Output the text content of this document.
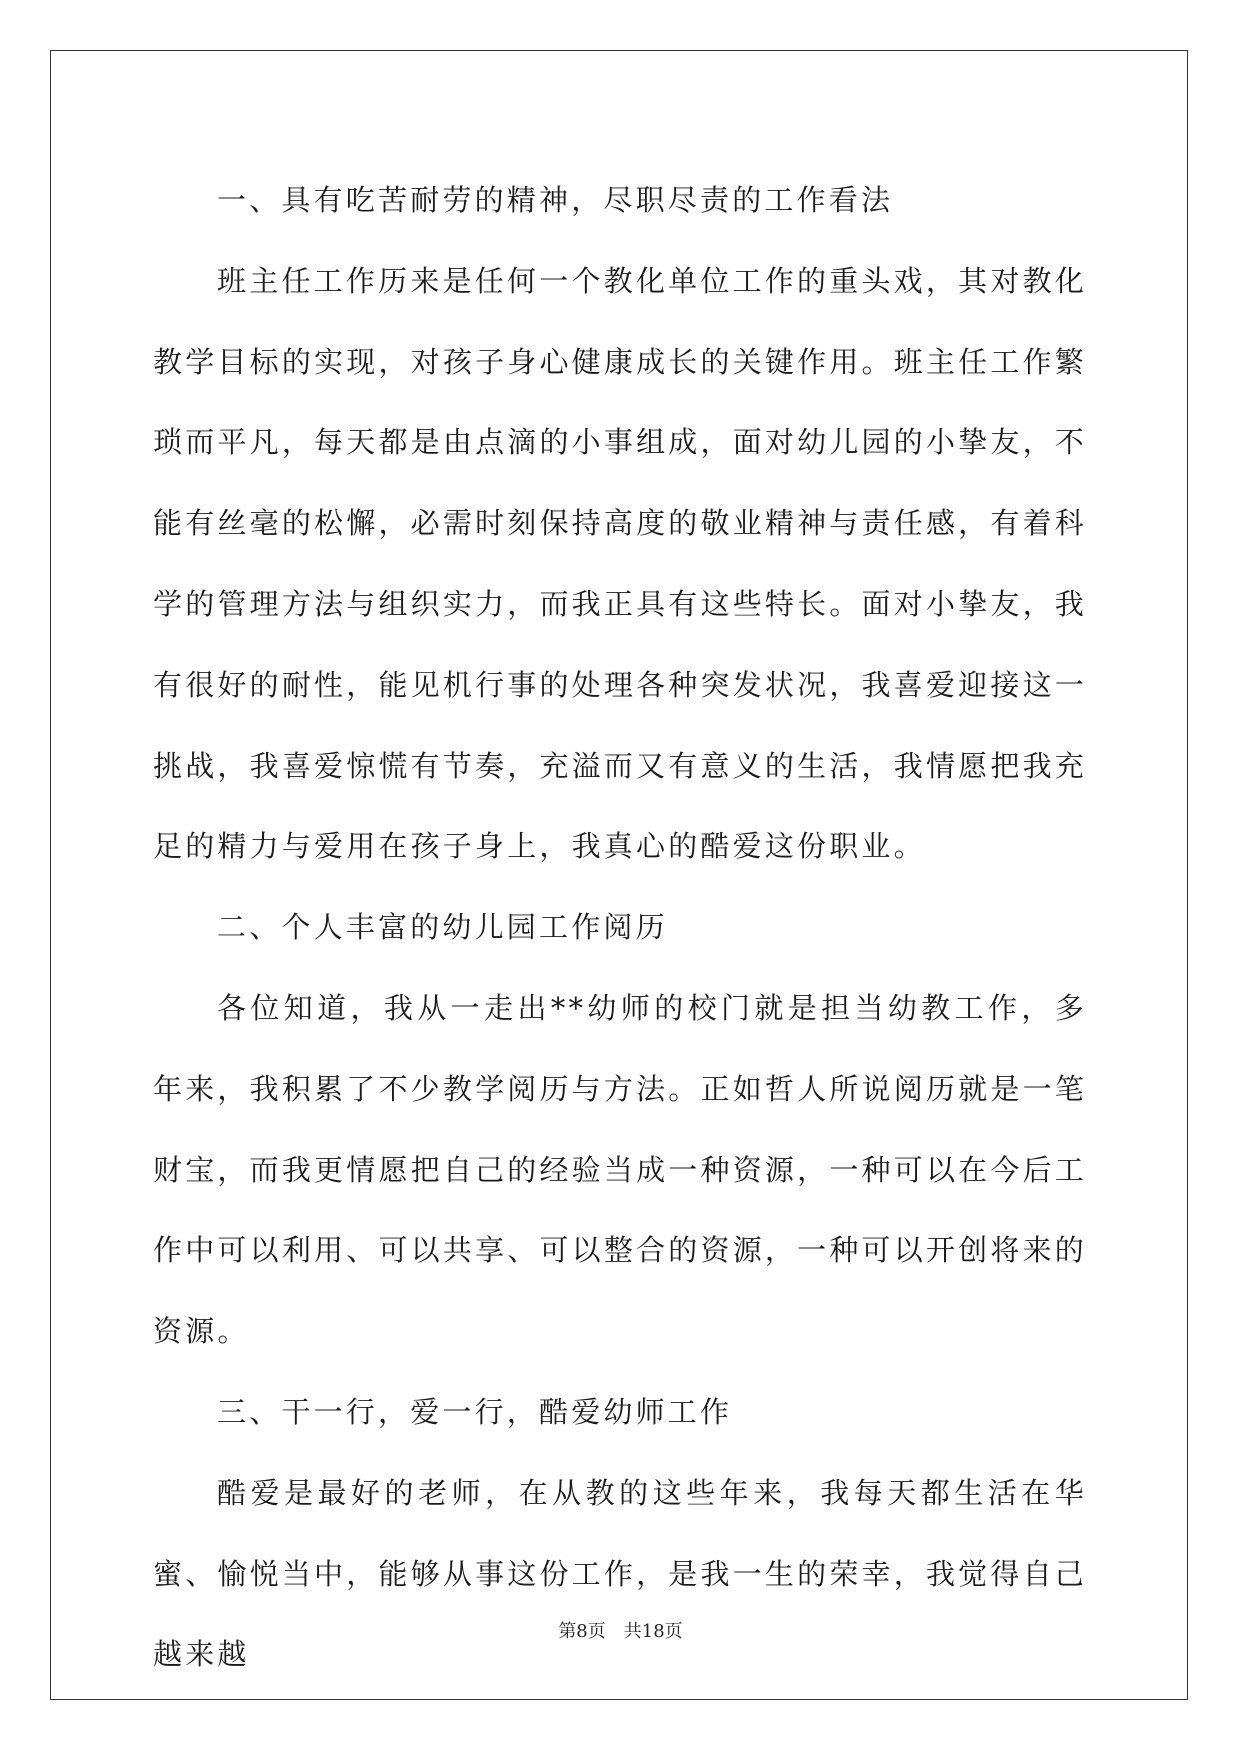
一、具有吃苦耐劳的精神，尽职尽责的工作看法

班主任工作历来是任何一个教化单位工作的重头戏，其对教化教学目标的实现，对孩子身心健康成长的关键作用。班主任工作繁琐而平凡，每天都是由点滴的小事组成，面对幼儿园的小挚友，不能有丝毫的松懈，必需时刻保持高度的敬业精神与责任感，有着科学的管理方法与组织实力，而我正具有这些特长。面对小挚友，我有很好的耐性，能见机行事的处理各种突发状况，我喜爱迎接这一挑战，我喜爱惊慌有节奏，充溢而又有意义的生活，我情愿把我充足的精力与爱用在孩子身上，我真心的酷爱这份职业。

二、个人丰富的幼儿园工作阅历

各位知道，我从一走出**幼师的校门就是担当幼教工作，多年来，我积累了不少教学阅历与方法。正如哲人所说阅历就是一笔财宝，而我更情愿把自己的经验当成一种资源，一种可以在今后工作中可以利用、可以共享、可以整合的资源，一种可以开创将来的资源。

三、干一行，爱一行，酷爱幼师工作

酷爱是最好的老师，在从教的这些年来，我每天都生活在华蜜、愉悦当中，能够从事这份工作，是我一生的荣幸，我觉得自己越来越

第8页 共18页
